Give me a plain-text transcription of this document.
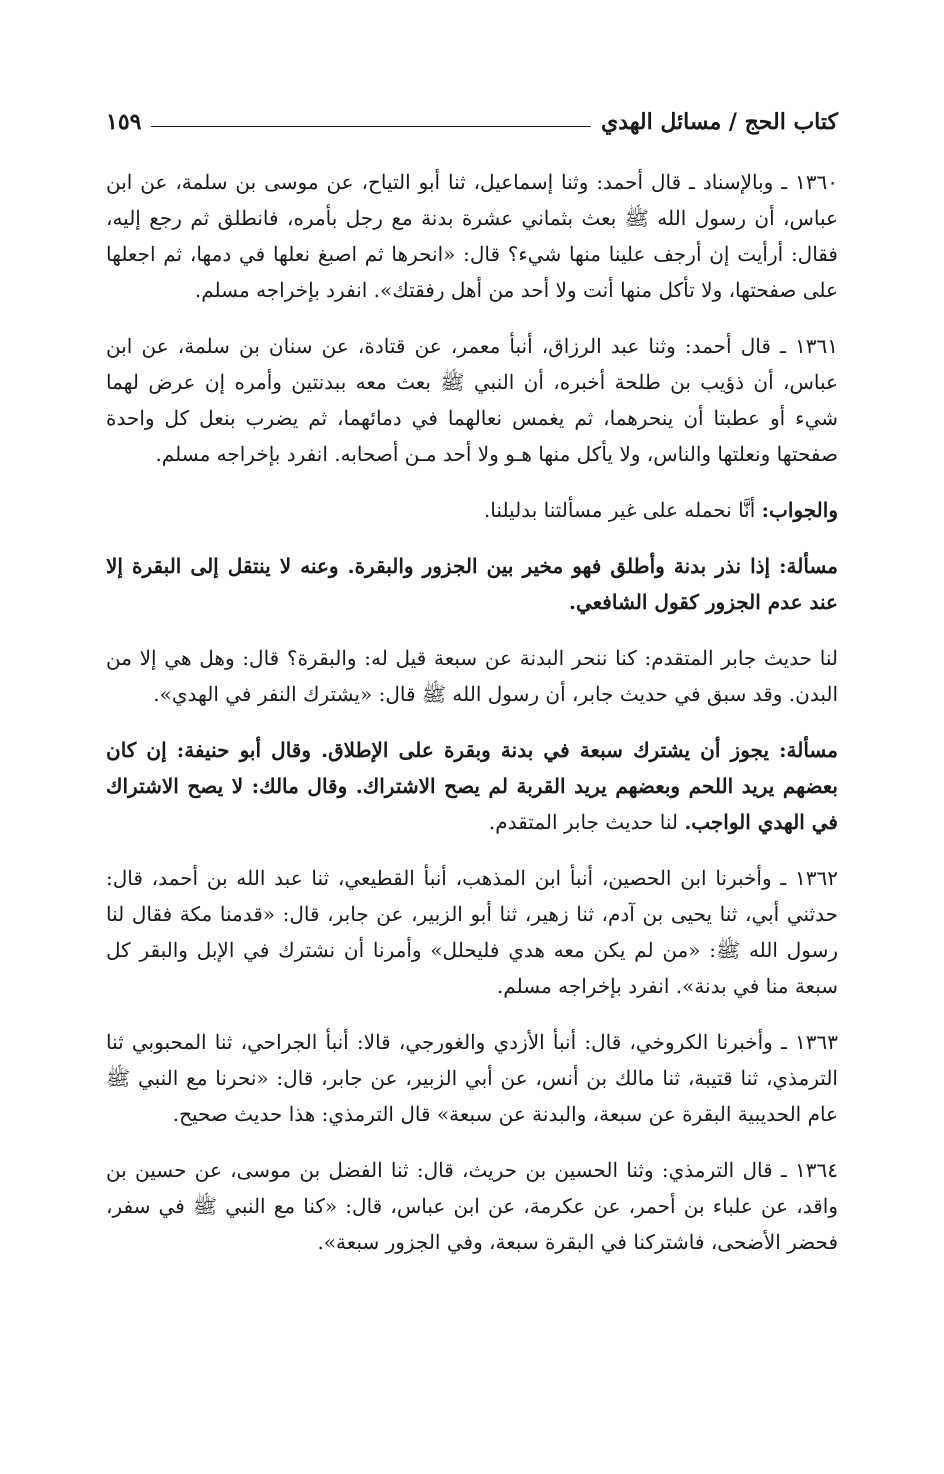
كتاب الحج / مسائل الهدي
١٥٩

١٣٦٠ ـ وبالإسناد ـ قال أحمد: وثنا إسماعيل، ثنا أبو التياح، عن موسى بن سلمة، عن ابن عباس، أن رسول الله ﷺ بعث بثماني عشرة بدنة مع رجل بأمره، فانطلق ثم رجع إليه، فقال: أرأيت إن أرجف علينا منها شيء؟ قال: «انحرها ثم اصبغ نعلها في دمها، ثم اجعلها على صفحتها، ولا تأكل منها أنت ولا أحد من أهل رفقتك». انفرد بإخراجه مسلم.

١٣٦١ ـ قال أحمد: وثنا عبد الرزاق، أنبأ معمر، عن قتادة، عن سنان بن سلمة، عن ابن عباس، أن ذؤيب بن طلحة أخبره، أن النبي ﷺ بعث معه ببدنتين وأمره إن عرض لهما شيء أو عطبتا أن ينحرهما، ثم يغمس نعالهما في دمائهما، ثم يضرب بنعل كل واحدة صفحتها ونعلتها والناس، ولا يأكل منها هـو ولا أحد مـن أصحابه. انفرد بإخراجه مسلم.

والجواب: أنَّا نحمله على غير مسألتنا بدليلنا.

مسألة: إذا نذر بدنة وأطلق فهو مخير بين الجزور والبقرة. وعنه لا ينتقل إلى البقرة إلا عند عدم الجزور كقول الشافعي.

لنا حديث جابر المتقدم: كنا ننحر البدنة عن سبعة قيل له: والبقرة؟ قال: وهل هي إلا من البدن. وقد سبق في حديث جابر، أن رسول الله ﷺ قال: «يشترك النفر في الهدي».

مسألة: يجوز أن يشترك سبعة في بدنة وبقرة على الإطلاق. وقال أبو حنيفة: إن كان بعضهم يريد اللحم وبعضهم يريد القربة لم يصح الاشتراك. وقال مالك: لا يصح الاشتراك في الهدي الواجب. لنا حديث جابر المتقدم.

١٣٦٢ ـ وأخبرنا ابن الحصين، أنبأ ابن المذهب، أنبأ القطيعي، ثنا عبد الله بن أحمد، قال: حدثني أبي، ثنا يحيى بن آدم، ثنا زهير، ثنا أبو الزبير، عن جابر، قال: «قدمنا مكة فقال لنا رسول الله ﷺ: «من لم يكن معه هدي فليحلل» وأمرنا أن نشترك في الإبل والبقر كل سبعة منا في بدنة». انفرد بإخراجه مسلم.

١٣٦٣ ـ وأخبرنا الكروخي، قال: أنبأ الأزدي والغورجي، قالا: أنبأ الجراحي، ثنا المحبوبي ثنا الترمذي، ثنا قتيبة، ثنا مالك بن أنس، عن أبي الزبير، عن جابر، قال: «نحرنا مع النبي ﷺ عام الحديبية البقرة عن سبعة، والبدنة عن سبعة» قال الترمذي: هذا حديث صحيح.

١٣٦٤ ـ قال الترمذي: وثنا الحسين بن حريث، قال: ثنا الفضل بن موسى، عن حسين بن واقد، عن علباء بن أحمر، عن عكرمة، عن ابن عباس، قال: «كنا مع النبي ﷺ في سفر، فحضر الأضحى، فاشتركنا في البقرة سبعة، وفي الجزور سبعة».
